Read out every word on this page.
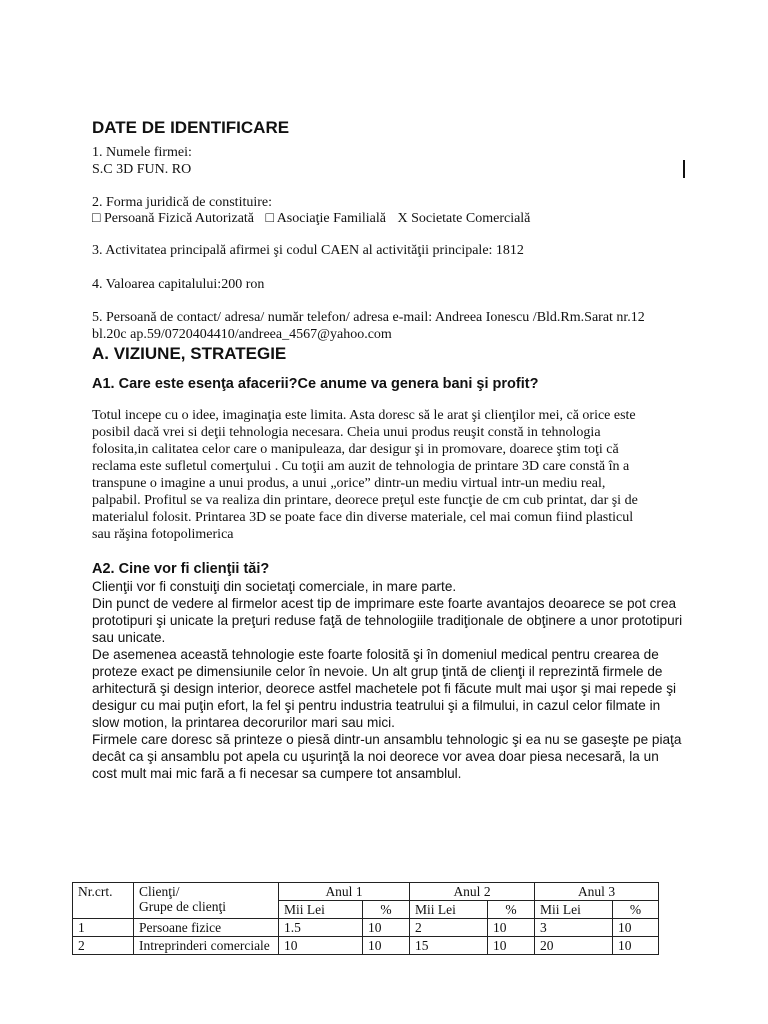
DATE DE IDENTIFICARE
1. Numele firmei:
S.C 3D FUN. RO
2. Forma juridică de constituire:
□ Persoană Fizică Autorizată □ Asociaţie Familială X Societate Comercială
3. Activitatea principală afirmei şi codul CAEN al activităţii principale: 1812
4. Valoarea capitalului:200 ron
5. Persoană de contact/ adresa/ număr telefon/ adresa e-mail: Andreea Ionescu /Bld.Rm.Sarat nr.12
bl.20c ap.59/0720404410/andreea_4567@yahoo.com
A. VIZIUNE, STRATEGIE
A1. Care este esenţa afacerii?Ce anume va genera bani şi profit?
Totul incepe cu o idee, imaginaţia este limita. Asta doresc să le arat şi clienţilor mei, că orice este
posibil dacă vrei si deţii tehnologia necesara. Cheia unui produs reuşit constă in tehnologia
folosita,in calitatea celor care o manipuleaza, dar desigur şi in promovare, doarece ştim toţi că
reclama este sufletul comerţului . Cu toţii am auzit de tehnologia de printare 3D care constă în a
transpune o imagine a unui produs, a unui „orice” dintr-un mediu virtual intr-un mediu real,
palpabil. Profitul se va realiza din printare, deorece preţul este funcţie de cm cub printat, dar şi de
materialul folosit. Printarea 3D se poate face din diverse materiale, cel mai comun fiind plasticul
sau răşina fotopolimerica
A2. Cine vor fi clienţii tăi?
Clienţii vor fi constuiţi din societaţi comerciale, in mare parte.
Din punct de vedere al firmelor acest tip de imprimare este foarte avantajos deoarece se pot crea
prototipuri şi unicate la preţuri reduse faţă de tehnologiile tradiţionale de obţinere a unor prototipuri
sau unicate.
De asemenea această tehnologie este foarte folosită şi în domeniul medical pentru crearea de
proteze exact pe dimensiunile celor în nevoie. Un alt grup ţintă de clienţi il reprezintă firmele de
arhitectură şi design interior, deorece astfel machetele pot fi făcute mult mai uşor şi mai repede şi
desigur cu mai puţin efort, la fel şi pentru industria teatrului şi a filmului, in cazul celor filmate in
slow motion, la printarea decorurilor mari sau mici.
Firmele care doresc să printeze o piesă dintr-un ansamblu tehnologic şi ea nu se gaseşte pe piaţa
decât ca şi ansamblu pot apela cu uşurinţă la noi deorece vor avea doar piesa necesară, la un
cost mult mai mic fară a fi necesar sa cumpere tot ansamblul.
Nr.crt.	Clienţi/
Grupe de clienţi	Anul 1		Anul 2		Anul 3	
		Mii Lei	%	Mii Lei	%	Mii Lei	%
1	Persoane fizice	1.5	10	2	10	3	10
2	Intreprinderi comerciale	10	10	15	10	20	10
